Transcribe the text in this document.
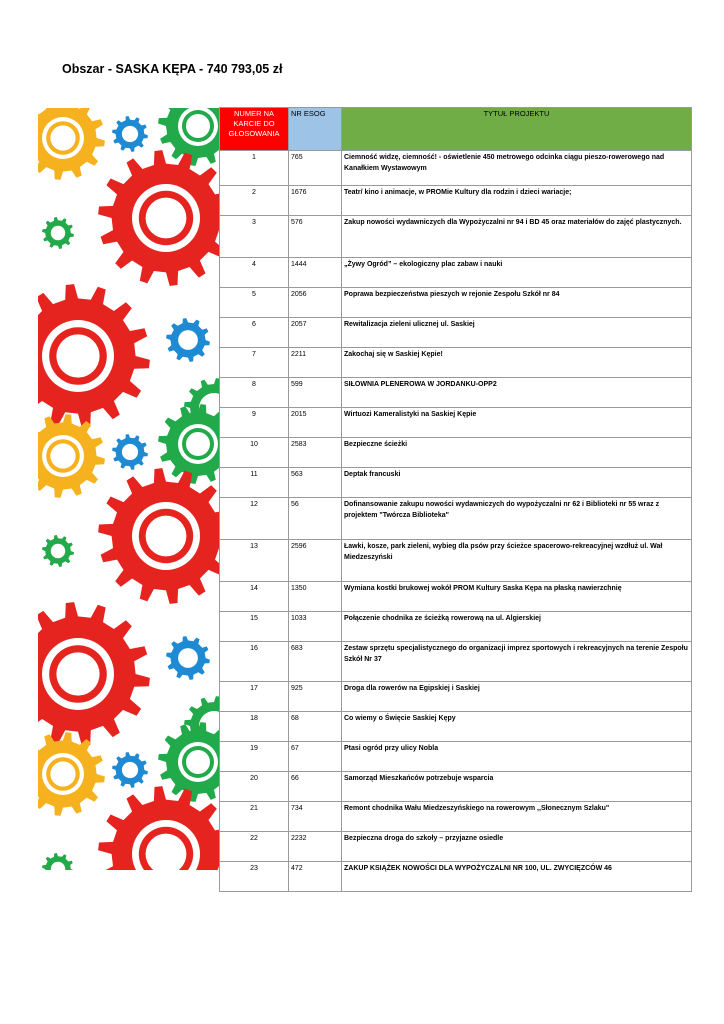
Obszar - SASKA KĘPA - 740 793,05 zł
NUMER NA KARCIE DO GŁOSOWANIA	NR ESOG	TYTUŁ PROJEKTU
1	765	Ciemność widzę, ciemność! - oświetlenie 450 metrowego odcinka ciągu pieszo-rowerowego nad Kanałkiem Wystawowym
2	1676	Teatr/ kino i animacje, w PROMie Kultury dla rodzin i dzieci wariacje;
3	576	Zakup nowości wydawniczych dla Wypożyczalni nr 94 i BD 45 oraz materiałów do zajęć plastycznych.
4	1444	„Żywy Ogród” – ekologiczny plac zabaw i nauki
5	2056	Poprawa bezpieczeństwa pieszych w rejonie Zespołu Szkół nr 84
6	2057	Rewitalizacja zieleni ulicznej ul. Saskiej
7	2211	Zakochaj się w Saskiej Kępie!
8	599	SIŁOWNIA PLENEROWA W JORDANKU-OPP2
9	2015	Wirtuozi Kameralistyki na Saskiej Kępie
10	2583	Bezpieczne ścieżki
11	563	Deptak francuski
12	56	Dofinansowanie zakupu nowości wydawniczych do wypożyczalni nr 62 i Biblioteki nr 55 wraz z projektem "Twórcza Biblioteka"
13	2596	Ławki, kosze, park zieleni, wybieg dla psów przy ścieżce spacerowo-rekreacyjnej wzdłuż ul. Wał Miedzeszyński
14	1350	Wymiana kostki brukowej wokół PROM Kultury Saska Kępa na płaską nawierzchnię
15	1033	Połączenie chodnika ze ścieżką rowerową na ul. Algierskiej
16	683	Zestaw sprzętu specjalistycznego do organizacji imprez sportowych i rekreacyjnych na terenie Zespołu Szkół Nr 37
17	925	Droga dla rowerów na Egipskiej i Saskiej
18	68	Co wiemy o Święcie Saskiej Kępy
19	67	Ptasi ogród przy ulicy Nobla
20	66	Samorząd Mieszkańców potrzebuje wsparcia
21	734	Remont chodnika Wału Miedzeszyńskiego na rowerowym ,,Słonecznym Szlaku"
22	2232	Bezpieczna droga do szkoły – przyjazne osiedle
23	472	ZAKUP KSIĄŻEK NOWOŚCI DLA WYPOŻYCZALNI NR 100, UL. ZWYCIĘZCÓW 46
